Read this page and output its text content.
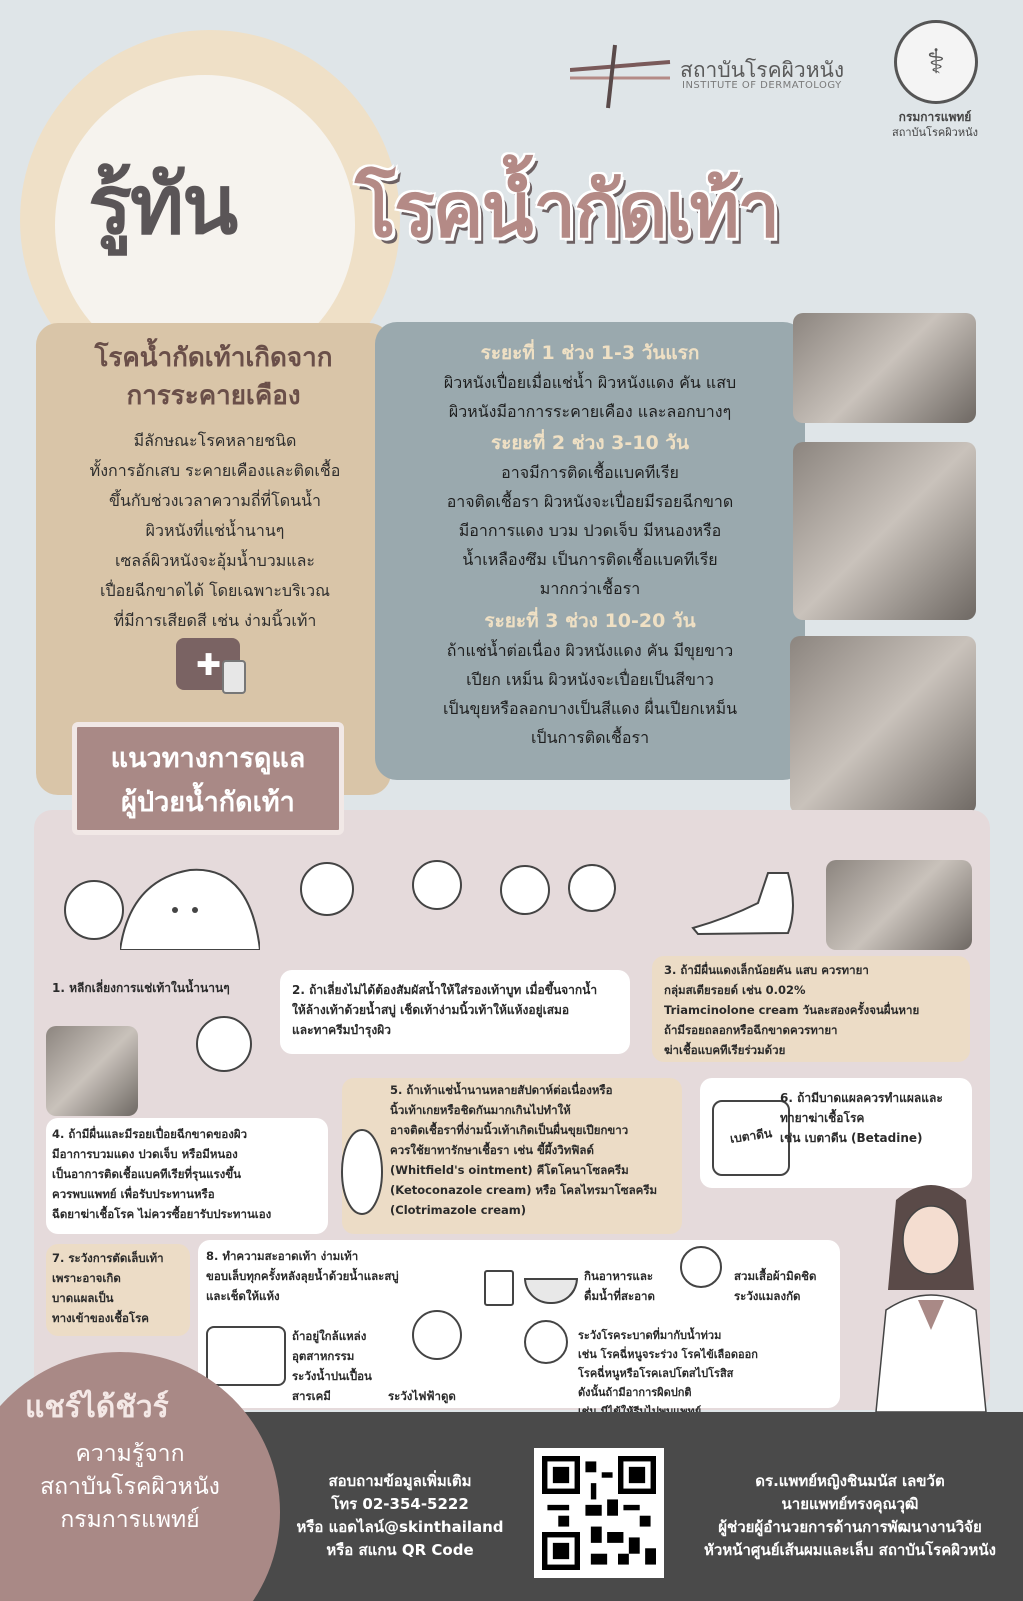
สถาบันโรคผิวหนัง
INSTITUTE OF DERMATOLOGY
⚕
กรมการแพทย์
สถาบันโรคผิวหนัง
รู้ทัน โรคน้ำกัดเท้า
โรคน้ำกัดเท้าเกิดจาก
การระคายเคือง
มีลักษณะโรคหลายชนิด
ทั้งการอักเสบ ระคายเคืองและติดเชื้อ
ขึ้นกับช่วงเวลาความถี่ที่โดนน้ำ
ผิวหนังที่แช่น้ำนานๆ
เซลล์ผิวหนังจะอุ้มน้ำบวมและ
เปื่อยฉีกขาดได้ โดยเฉพาะบริเวณ
ที่มีการเสียดสี เช่น ง่ามนิ้วเท้า
✚
ระยะที่ 1 ช่วง 1-3 วันแรก
ผิวหนังเปื่อยเมื่อแช่น้ำ ผิวหนังแดง คัน แสบ
ผิวหนังมีอาการระคายเคือง และลอกบางๆ
ระยะที่ 2 ช่วง 3-10 วัน
อาจมีการติดเชื้อแบคทีเรีย
อาจติดเชื้อรา ผิวหนังจะเปื่อยมีรอยฉีกขาด
มีอาการแดง บวม ปวดเจ็บ มีหนองหรือ
น้ำเหลืองซึม เป็นการติดเชื้อแบคทีเรีย
มากกว่าเชื้อรา
ระยะที่ 3 ช่วง 10-20 วัน
ถ้าแช่น้ำต่อเนื่อง ผิวหนังแดง คัน มีขุยขาว
เปียก เหม็น ผิวหนังจะเปื่อยเป็นสีขาว
เป็นขุยหรือลอกบางเป็นสีแดง ผื่นเปียกเหม็น
เป็นการติดเชื้อรา
แนวทางการดูแล
ผู้ป่วยน้ำกัดเท้า
1. หลีกเลี่ยงการแช่เท้าในน้ำนานๆ	2. ถ้าเลี่ยงไม่ได้ต้องสัมผัสน้ำให้ใส่รองเท้าบูท เมื่อขึ้นจากน้ำ
ให้ล้างเท้าด้วยน้ำสบู่ เช็ดเท้าง่ามนิ้วเท้าให้แห้งอยู่เสมอ
และทาครีมบำรุงผิว
3. ถ้ามีผื่นแดงเล็กน้อยคัน แสบ ควรทายา
กลุ่มสเตียรอยด์ เช่น 0.02%
Triamcinolone cream วันละสองครั้งจนผื่นหาย
ถ้ามีรอยถลอกหรือฉีกขาดควรทายา
ฆ่าเชื้อแบคทีเรียร่วมด้วย
4. ถ้ามีผื่นและมีรอยเปื่อยฉีกขาดของผิว
มีอาการบวมแดง ปวดเจ็บ หรือมีหนอง
เป็นอาการติดเชื้อแบคทีเรียที่รุนแรงขึ้น
ควรพบแพทย์ เพื่อรับประทานหรือ
ฉีดยาฆ่าเชื้อโรค ไม่ควรซื้อยารับประทานเอง
5. ถ้าเท้าแช่น้ำนานหลายสัปดาห์ต่อเนื่องหรือ
นิ้วเท้าเกยหรือชิดกันมากเกินไปทำให้
อาจติดเชื้อราที่ง่ามนิ้วเท้าเกิดเป็นผื่นขุยเปียกขาว
ควรใช้ยาทารักษาเชื้อรา เช่น ขี้ผึ้งวิทฟิลด์
(Whitfield's ointment) คีโตโคนาโซลครีม
(Ketoconazole cream) หรือ โคลไทรมาโซลครีม
(Clotrimazole cream)
เบตาดีน
6. ถ้ามีบาดแผลควรทำแผลและ
ทายาฆ่าเชื้อโรค
เช่น เบตาดีน (Betadine)
7. ระวังการตัดเล็บเท้า
เพราะอาจเกิด
บาดแผลเป็น
ทางเข้าของเชื้อโรค
8. ทำความสะอาดเท้า ง่ามเท้า
ขอบเล็บทุกครั้งหลังลุยน้ำด้วยน้ำและสบู่
และเช็ดให้แห้ง
กินอาหารและ
ดื่มน้ำที่สะอาด
สวมเสื้อผ้ามิดชิด
ระวังแมลงกัด
ถ้าอยู่ใกล้แหล่ง
อุตสาหกรรม
ระวังน้ำปนเปื้อน
สารเคมี	ระวังไฟฟ้าดูด
ระวังโรคระบาดที่มากับน้ำท่วม
เช่น โรคฉี่หนูจระร่วง โรคไข้เลือดออก
โรคฉี่หนูหรือโรคเลปโตสไปโรสิส
ดังนั้นถ้ามีอาการผิดปกติ
แชร์ได้ชัวร์
ความรู้จาก
สถาบันโรคผิวหนัง
กรมการแพทย์
สอบถามข้อมูลเพิ่มเติม
โทร 02-354-5222
หรือ แอดไลน์@skinthailand
หรือ สแกน QR Code
ดร.แพทย์หญิงชินมนัส เลขวัต
นายแพทย์ทรงคุณวุฒิ
ผู้ช่วยผู้อำนวยการด้านการพัฒนางานวิจัย
หัวหน้าศูนย์เส้นผมและเล็บ สถาบันโรคผิวหนัง
